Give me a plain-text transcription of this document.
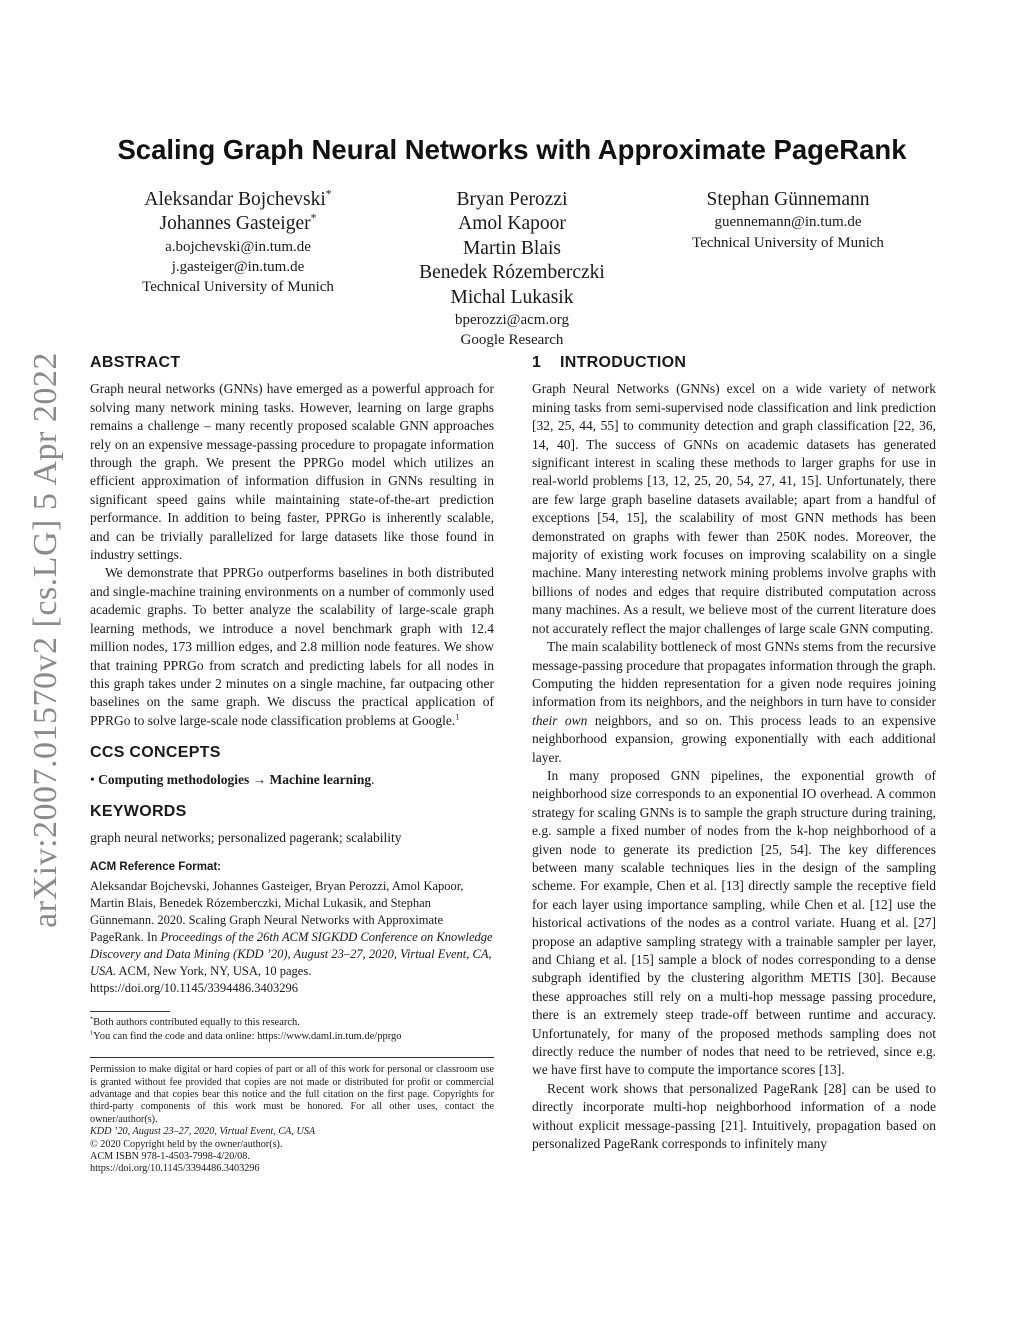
arXiv:2007.01570v2 [cs.LG] 5 Apr 2022
Scaling Graph Neural Networks with Approximate PageRank
Aleksandar Bojchevski*
Johannes Gasteiger*
a.bojchevski@in.tum.de
j.gasteiger@in.tum.de
Technical University of Munich
Bryan Perozzi
Amol Kapoor
Martin Blais
Benedek Rózemberczki
Michal Lukasik
bperozzi@acm.org
Google Research
Stephan Günnemann
guennemann@in.tum.de
Technical University of Munich
ABSTRACT

Graph neural networks (GNNs) have emerged as a powerful approach for solving many network mining tasks. However, learning on large graphs remains a challenge – many recently proposed scalable GNN approaches rely on an expensive message-passing procedure to propagate information through the graph. We present the PPRGo model which utilizes an efficient approximation of information diffusion in GNNs resulting in significant speed gains while maintaining state-of-the-art prediction performance. In addition to being faster, PPRGo is inherently scalable, and can be trivially parallelized for large datasets like those found in industry settings.

We demonstrate that PPRGo outperforms baselines in both distributed and single-machine training environments on a number of commonly used academic graphs. To better analyze the scalability of large-scale graph learning methods, we introduce a novel benchmark graph with 12.4 million nodes, 173 million edges, and 2.8 million node features. We show that training PPRGo from scratch and predicting labels for all nodes in this graph takes under 2 minutes on a single machine, far outpacing other baselines on the same graph. We discuss the practical application of PPRGo to solve large-scale node classification problems at Google.$^1$

CCS CONCEPTS

• Computing methodologies → Machine learning.

KEYWORDS

graph neural networks; personalized pagerank; scalability

ACM Reference Format:
Aleksandar Bojchevski, Johannes Gasteiger, Bryan Perozzi, Amol Kapoor, Martin Blais, Benedek Rózemberczki, Michal Lukasik, and Stephan Günnemann. 2020. Scaling Graph Neural Networks with Approximate PageRank. In Proceedings of the 26th ACM SIGKDD Conference on Knowledge Discovery and Data Mining (KDD ’20), August 23–27, 2020, Virtual Event, CA, USA. ACM, New York, NY, USA, 10 pages. https://doi.org/10.1145/3394486.3403296
*Both authors contributed equally to this research.
$^1$You can find the code and data online: https://www.daml.in.tum.de/pprgo
Permission to make digital or hard copies of part or all of this work for personal or classroom use is granted without fee provided that copies are not made or distributed for profit or commercial advantage and that copies bear this notice and the full citation on the first page. Copyrights for third-party components of this work must be honored. For all other uses, contact the owner/author(s).
KDD ’20, August 23–27, 2020, Virtual Event, CA, USA
© 2020 Copyright held by the owner/author(s).
ACM ISBN 978-1-4503-7998-4/20/08.
https://doi.org/10.1145/3394486.3403296
1 INTRODUCTION

Graph Neural Networks (GNNs) excel on a wide variety of network mining tasks from semi-supervised node classification and link prediction [32, 25, 44, 55] to community detection and graph classification [22, 36, 14, 40]. The success of GNNs on academic datasets has generated significant interest in scaling these methods to larger graphs for use in real-world problems [13, 12, 25, 20, 54, 27, 41, 15]. Unfortunately, there are few large graph baseline datasets available; apart from a handful of exceptions [54, 15], the scalability of most GNN methods has been demonstrated on graphs with fewer than 250K nodes. Moreover, the majority of existing work focuses on improving scalability on a single machine. Many interesting network mining problems involve graphs with billions of nodes and edges that require distributed computation across many machines. As a result, we believe most of the current literature does not accurately reflect the major challenges of large scale GNN computing.

The main scalability bottleneck of most GNNs stems from the recursive message-passing procedure that propagates information through the graph. Computing the hidden representation for a given node requires joining information from its neighbors, and the neighbors in turn have to consider their own neighbors, and so on. This process leads to an expensive neighborhood expansion, growing exponentially with each additional layer.

In many proposed GNN pipelines, the exponential growth of neighborhood size corresponds to an exponential IO overhead. A common strategy for scaling GNNs is to sample the graph structure during training, e.g. sample a fixed number of nodes from the k-hop neighborhood of a given node to generate its prediction [25, 54]. The key differences between many scalable techniques lies in the design of the sampling scheme. For example, Chen et al. [13] directly sample the receptive field for each layer using importance sampling, while Chen et al. [12] use the historical activations of the nodes as a control variate. Huang et al. [27] propose an adaptive sampling strategy with a trainable sampler per layer, and Chiang et al. [15] sample a block of nodes corresponding to a dense subgraph identified by the clustering algorithm METIS [30]. Because these approaches still rely on a multi-hop message passing procedure, there is an extremely steep trade-off between runtime and accuracy. Unfortunately, for many of the proposed methods sampling does not directly reduce the number of nodes that need to be retrieved, since e.g. we have first have to compute the importance scores [13].

Recent work shows that personalized PageRank [28] can be used to directly incorporate multi-hop neighborhood information of a node without explicit message-passing [21]. Intuitively, propagation based on personalized PageRank corresponds to infinitely many
